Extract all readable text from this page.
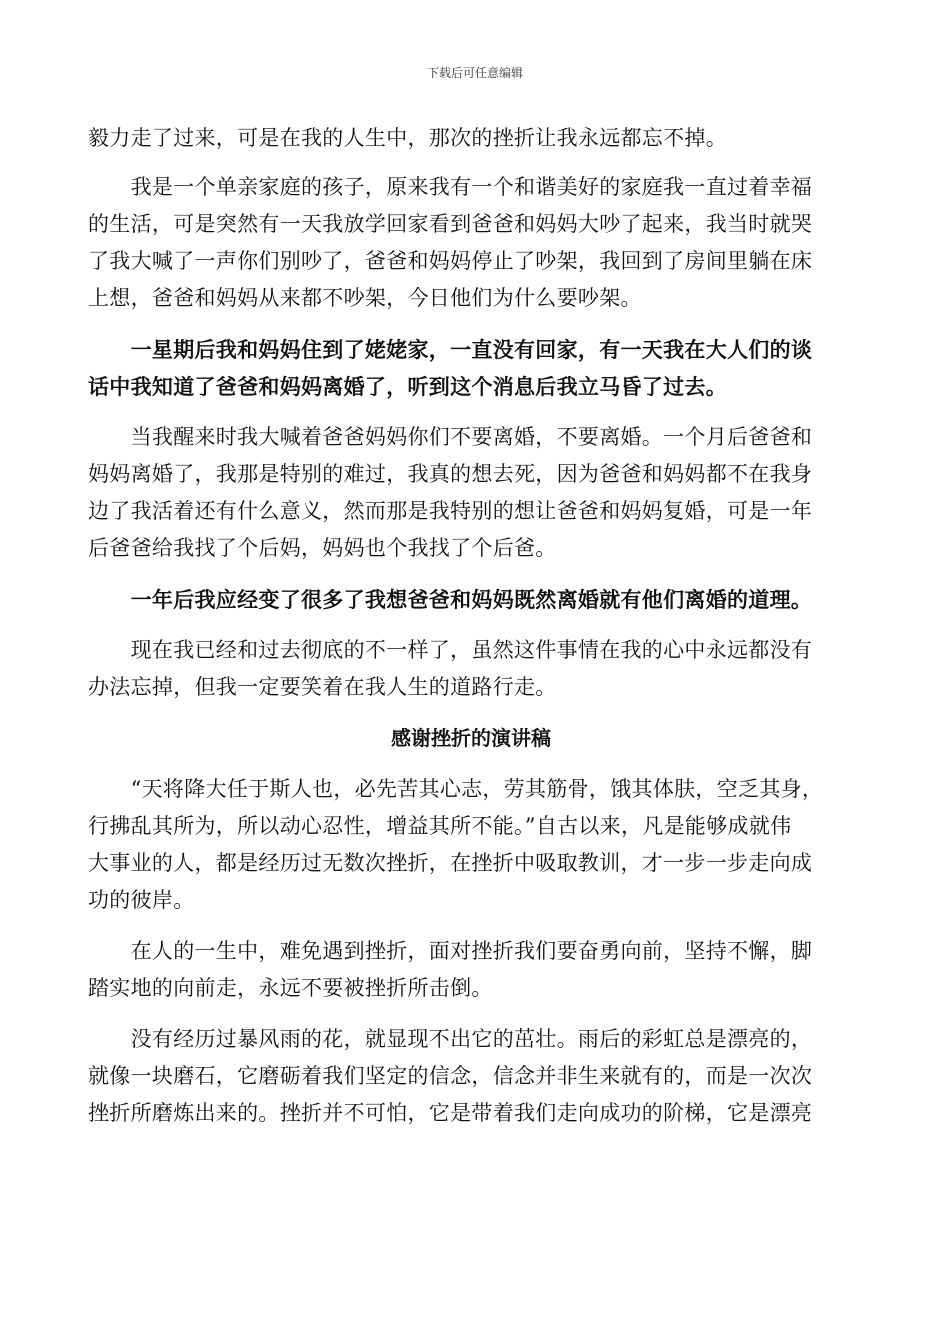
下载后可任意编辑

毅力走了过来，可是在我的人生中，那次的挫折让我永远都忘不掉。

　　我是一个单亲家庭的孩子，原来我有一个和谐美好的家庭我一直过着幸福
的生活，可是突然有一天我放学回家看到爸爸和妈妈大吵了起来，我当时就哭
了我大喊了一声你们别吵了，爸爸和妈妈停止了吵架，我回到了房间里躺在床
上想，爸爸和妈妈从来都不吵架，今日他们为什么要吵架。

　　一星期后我和妈妈住到了姥姥家，一直没有回家，有一天我在大人们的谈
话中我知道了爸爸和妈妈离婚了，听到这个消息后我立马昏了过去。

　　当我醒来时我大喊着爸爸妈妈你们不要离婚，不要离婚。一个月后爸爸和
妈妈离婚了，我那是特别的难过，我真的想去死，因为爸爸和妈妈都不在我身
边了我活着还有什么意义，然而那是我特别的想让爸爸和妈妈复婚，可是一年
后爸爸给我找了个后妈，妈妈也个我找了个后爸。

　　一年后我应经变了很多了我想爸爸和妈妈既然离婚就有他们离婚的道理。

　　现在我已经和过去彻底的不一样了，虽然这件事情在我的心中永远都没有
办法忘掉，但我一定要笑着在我人生的道路行走。

感谢挫折的演讲稿

　　“天将降大任于斯人也，必先苦其心志，劳其筋骨，饿其体肤，空乏其身，
行拂乱其所为，所以动心忍性，增益其所不能。”自古以来，凡是能够成就伟
大事业的人，都是经历过无数次挫折，在挫折中吸取教训，才一步一步走向成
功的彼岸。

　　在人的一生中，难免遇到挫折，面对挫折我们要奋勇向前，坚持不懈，脚
踏实地的向前走，永远不要被挫折所击倒。

　　没有经历过暴风雨的花，就显现不出它的茁壮。雨后的彩虹总是漂亮的，
就像一块磨石，它磨砺着我们坚定的信念，信念并非生来就有的，而是一次次
挫折所磨炼出来的。挫折并不可怕，它是带着我们走向成功的阶梯，它是漂亮
